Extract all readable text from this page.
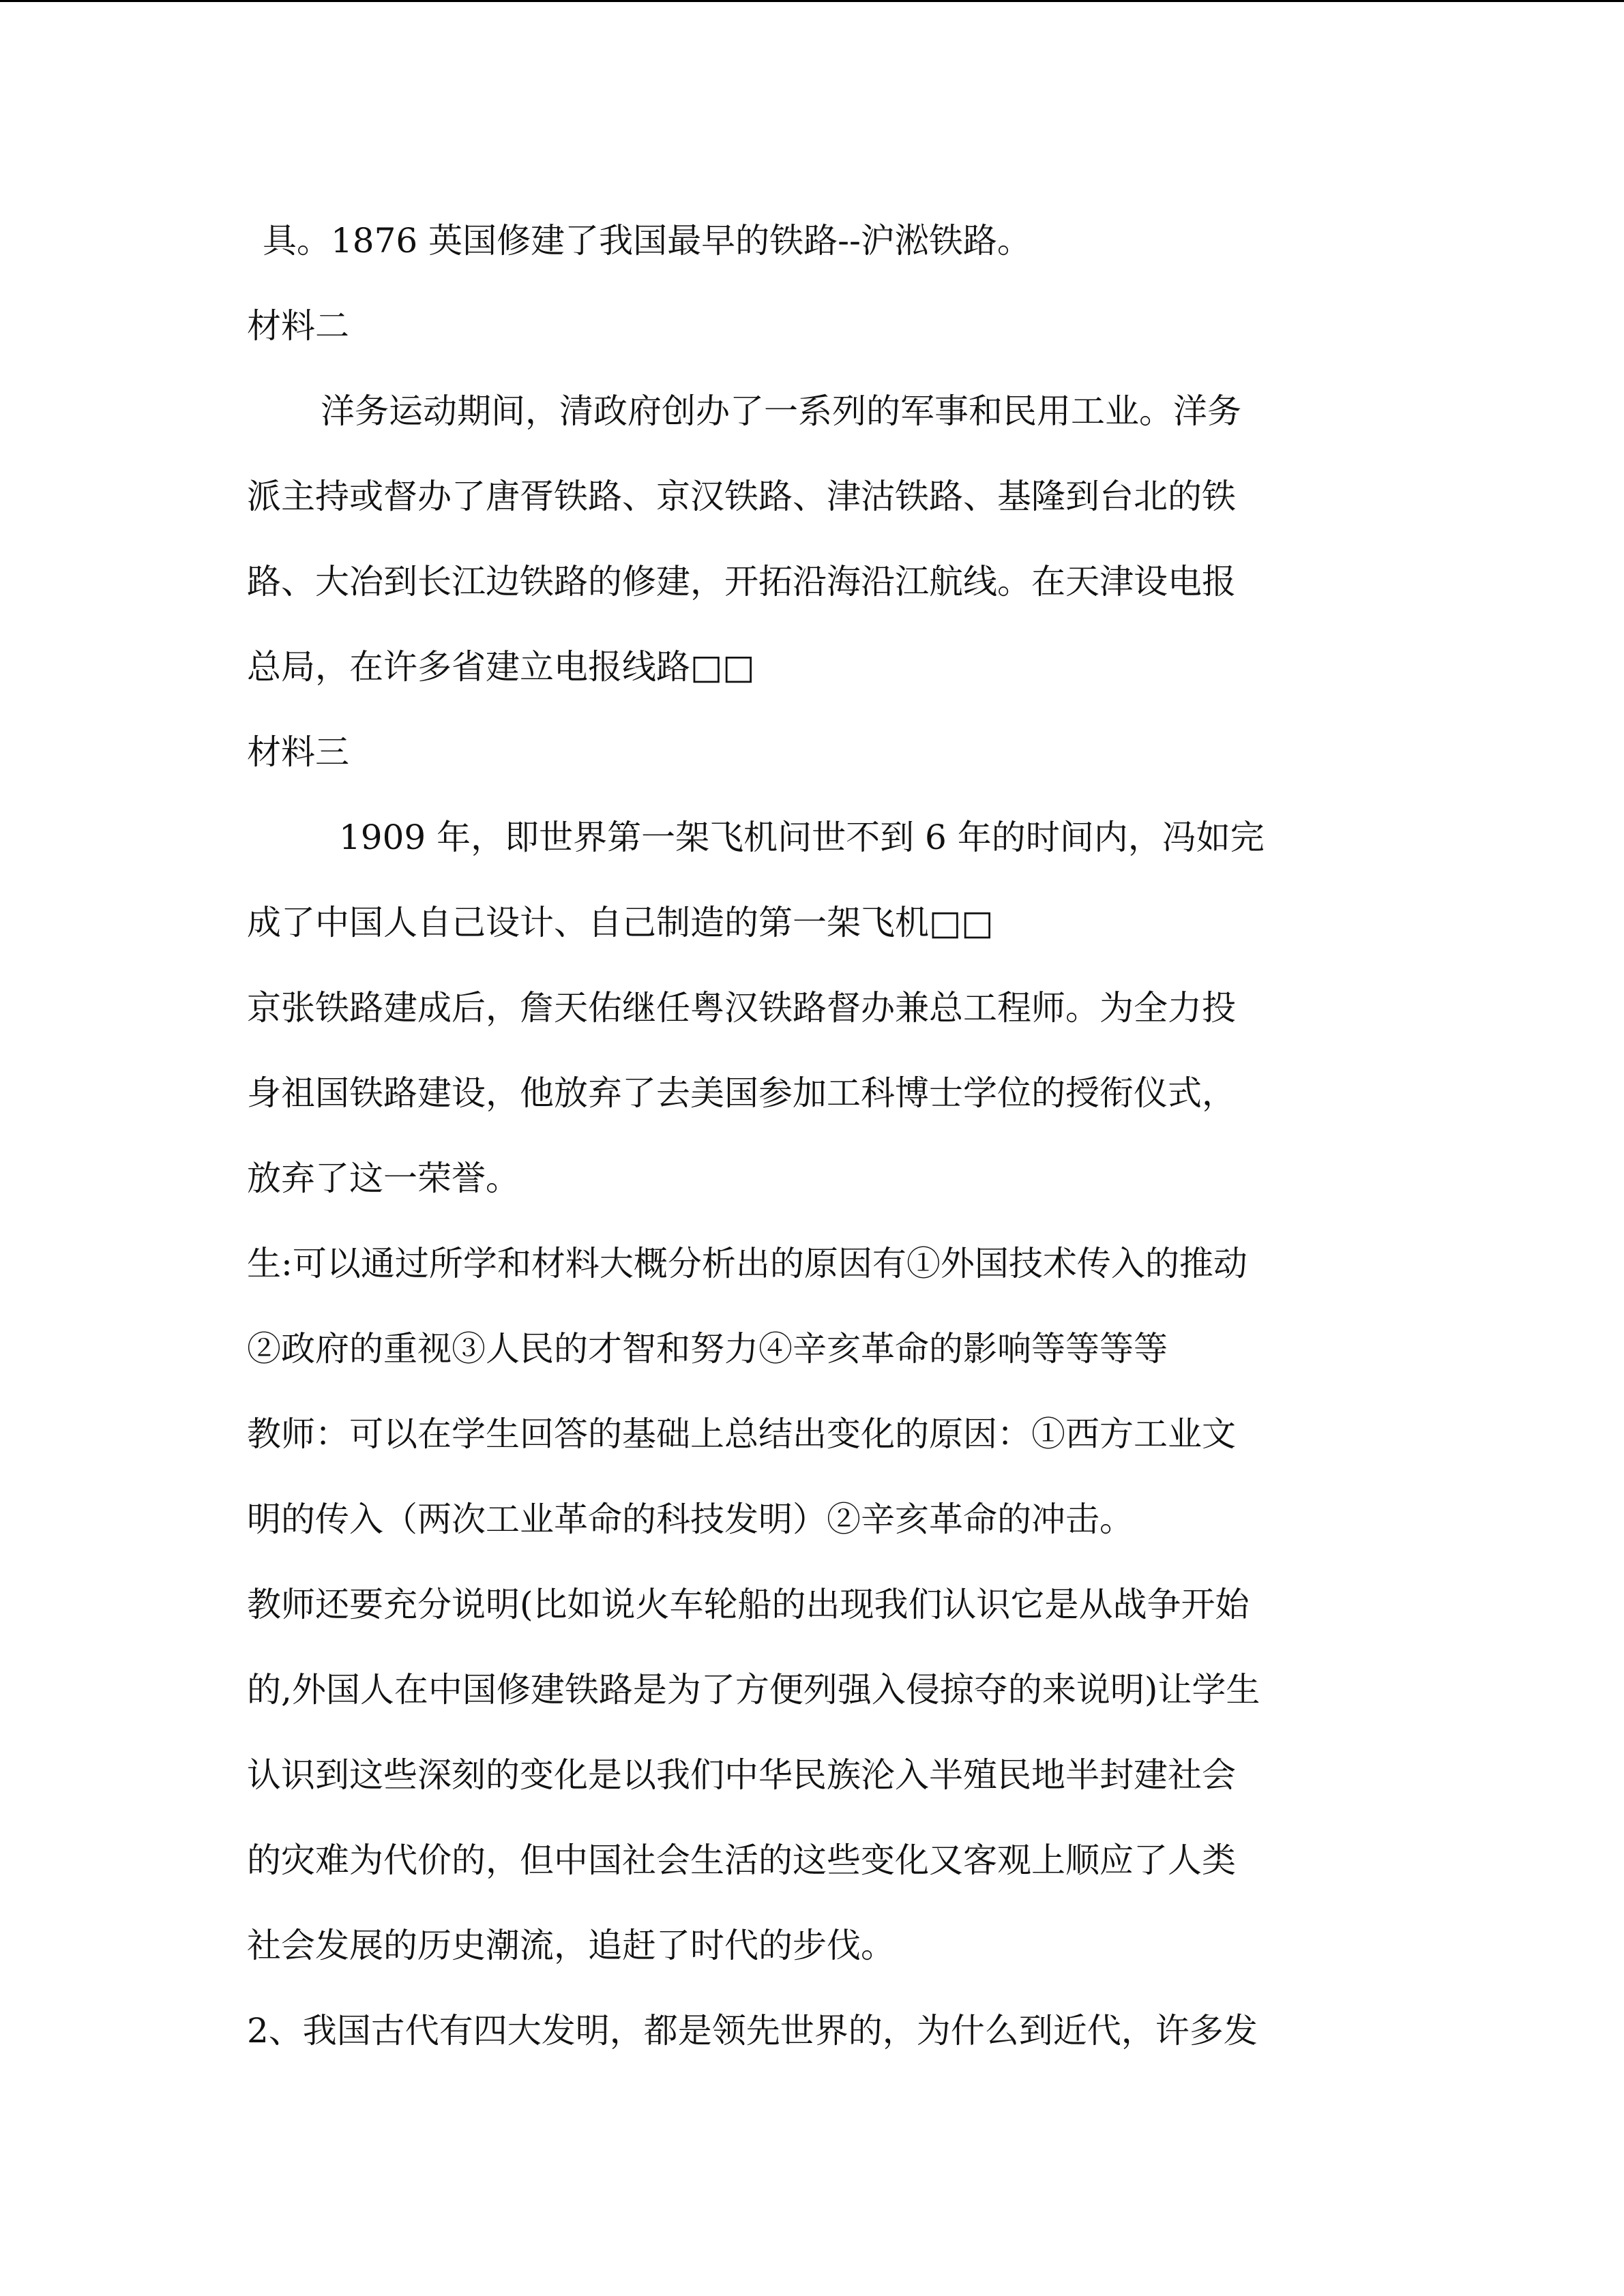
具。1876 英国修建了我国最早的铁路--沪淞铁路。
材料二
洋务运动期间，清政府创办了一系列的军事和民用工业。洋务
派主持或督办了唐胥铁路、京汉铁路、津沽铁路、基隆到台北的铁
路、大冶到长江边铁路的修建，开拓沿海沿江航线。在天津设电报
总局，在许多省建立电报线路□□
材料三
1909 年，即世界第一架飞机问世不到 6 年的时间内，冯如完
成了中国人自己设计、自己制造的第一架飞机□□
京张铁路建成后，詹天佑继任粤汉铁路督办兼总工程师。为全力投
身祖国铁路建设，他放弃了去美国参加工科博士学位的授衔仪式，
放弃了这一荣誉。
生:可以通过所学和材料大概分析出的原因有①外国技术传入的推动
②政府的重视③人民的才智和努力④辛亥革命的影响等等等等
教师：可以在学生回答的基础上总结出变化的原因：①西方工业文
明的传入（两次工业革命的科技发明）②辛亥革命的冲击。
教师还要充分说明(比如说火车轮船的出现我们认识它是从战争开始
的,外国人在中国修建铁路是为了方便列强入侵掠夺的来说明)让学生
认识到这些深刻的变化是以我们中华民族沦入半殖民地半封建社会
的灾难为代价的，但中国社会生活的这些变化又客观上顺应了人类
社会发展的历史潮流，追赶了时代的步伐。
2、我国古代有四大发明，都是领先世界的，为什么到近代，许多发
